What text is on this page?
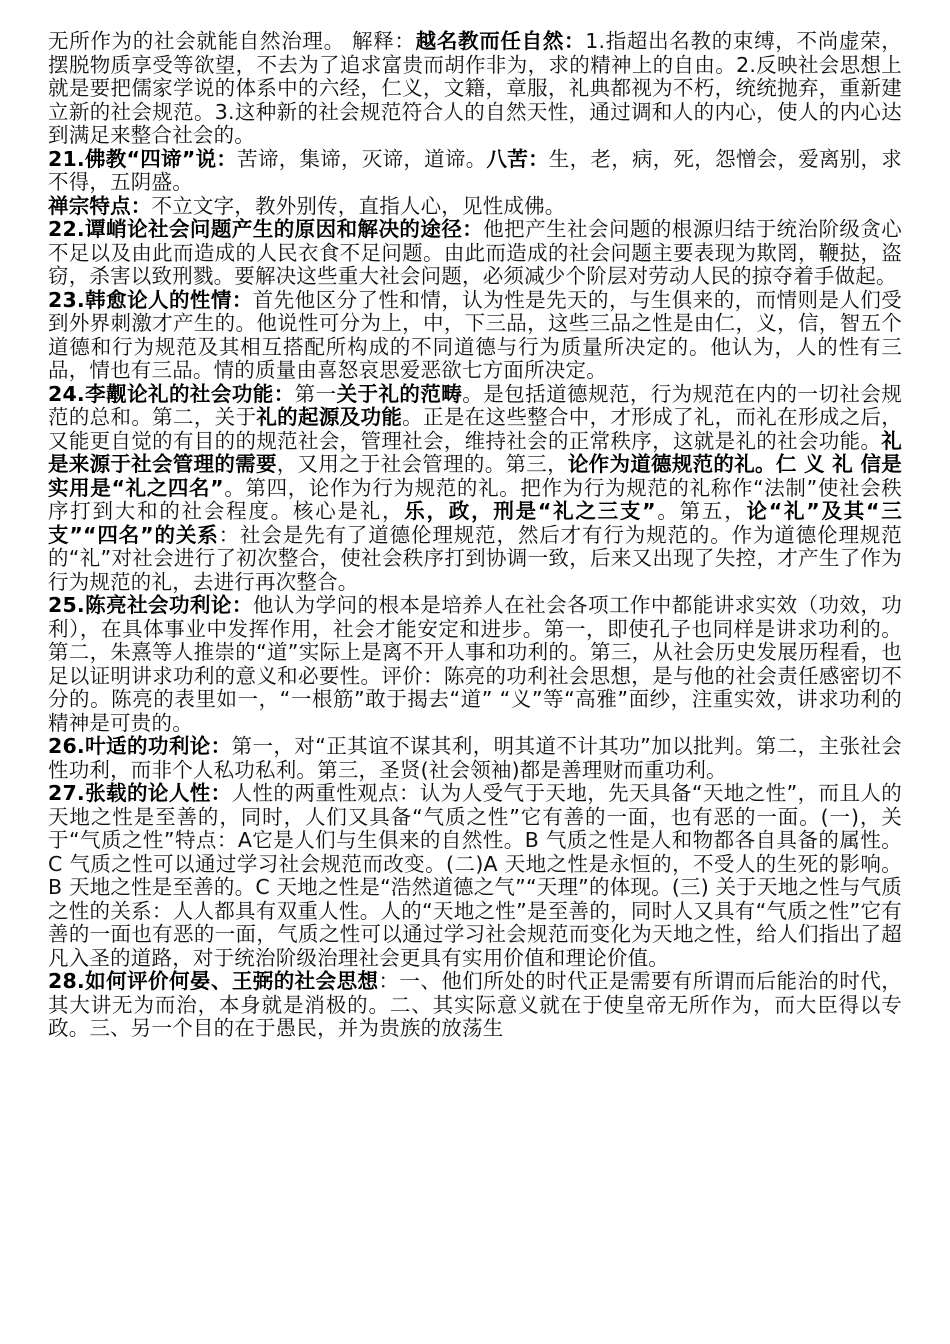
无所作为的社会就能自然治理。 解释：越名教而任自然：1.指超出名教的束缚，不尚虚荣，摆脱物质享受等欲望，不去为了追求富贵而胡作非为，求的精神上的自由。2.反映社会思想上就是要把儒家学说的体系中的六经，仁义，文籍，章服，礼典都视为不朽，统统抛弃，重新建立新的社会规范。3.这种新的社会规范符合人的自然天性，通过调和人的内心，使人的内心达到满足来整合社会的。

21.佛教“四谛”说：苦谛，集谛，灭谛，道谛。八苦：生，老，病，死，怨憎会，爱离别，求不得，五阴盛。

禅宗特点：不立文字，教外别传，直指人心，见性成佛。

22.谭峭论社会问题产生的原因和解决的途径：他把产生社会问题的根源归结于统治阶级贪心不足以及由此而造成的人民衣食不足问题。由此而造成的社会问题主要表现为欺罔，鞭挞，盗窃，杀害以致刑戮。要解决这些重大社会问题，必须减少个阶层对劳动人民的掠夺着手做起。

23.韩愈论人的性情：首先他区分了性和情，认为性是先天的，与生俱来的，而情则是人们受到外界刺激才产生的。他说性可分为上，中，下三品，这些三品之性是由仁，义，信，智五个道德和行为规范及其相互搭配所构成的不同道德与行为质量所决定的。他认为，人的性有三品，情也有三品。情的质量由喜怒哀思爱恶欲七方面所决定。

24.李觏论礼的社会功能：第一关于礼的范畴。是包括道德规范，行为规范在内的一切社会规范的总和。第二，关于礼的起源及功能。正是在这些整合中，才形成了礼，而礼在形成之后，又能更自觉的有目的的规范社会，管理社会，维持社会的正常秩序，这就是礼的社会功能。礼是来源于社会管理的需要，又用之于社会管理的。第三，论作为道德规范的礼。仁 义 礼 信是实用是“礼之四名”。第四，论作为行为规范的礼。把作为行为规范的礼称作“法制”使社会秩序打到大和的社会程度。核心是礼，乐，政，刑是“礼之三支”。第五，论“礼”及其“三支”“四名”的关系：社会是先有了道德伦理规范，然后才有行为规范的。作为道德伦理规范的“礼”对社会进行了初次整合，使社会秩序打到协调一致，后来又出现了失控，才产生了作为行为规范的礼，去进行再次整合。

25.陈亮社会功利论：他认为学问的根本是培养人在社会各项工作中都能讲求实效（功效，功利），在具体事业中发挥作用，社会才能安定和进步。第一，即使孔子也同样是讲求功利的。第二，朱熹等人推崇的“道”实际上是离不开人事和功利的。第三，从社会历史发展历程看，也足以证明讲求功利的意义和必要性。评价：陈亮的功利社会思想，是与他的社会责任感密切不分的。陈亮的表里如一，“一根筋”敢于揭去“道” “义”等“高雅”面纱，注重实效，讲求功利的精神是可贵的。

26.叶适的功利论：第一，对“正其谊不谋其利，明其道不计其功”加以批判。第二，主张社会性功利，而非个人私功私利。第三，圣贤(社会领袖)都是善理财而重功利。

27.张载的论人性：人性的两重性观点：认为人受气于天地，先天具备“天地之性”，而且人的天地之性是至善的，同时，人们又具备“气质之性”它有善的一面，也有恶的一面。(一)，关于“气质之性”特点：A它是人们与生俱来的自然性。B 气质之性是人和物都各自具备的属性。C 气质之性可以通过学习社会规范而改变。(二)A 天地之性是永恒的，不受人的生死的影响。B 天地之性是至善的。C 天地之性是“浩然道德之气”“天理”的体现。(三) 关于天地之性与气质之性的关系：人人都具有双重人性。人的“天地之性”是至善的，同时人又具有“气质之性”它有善的一面也有恶的一面，气质之性可以通过学习社会规范而变化为天地之性，给人们指出了超凡入圣的道路，对于统治阶级治理社会更具有实用价值和理论价值。

28.如何评价何晏、王弼的社会思想：一、他们所处的时代正是需要有所谓而后能治的时代，其大讲无为而治，本身就是消极的。二、其实际意义就在于使皇帝无所作为，而大臣得以专政。三、另一个目的在于愚民，并为贵族的放荡生
